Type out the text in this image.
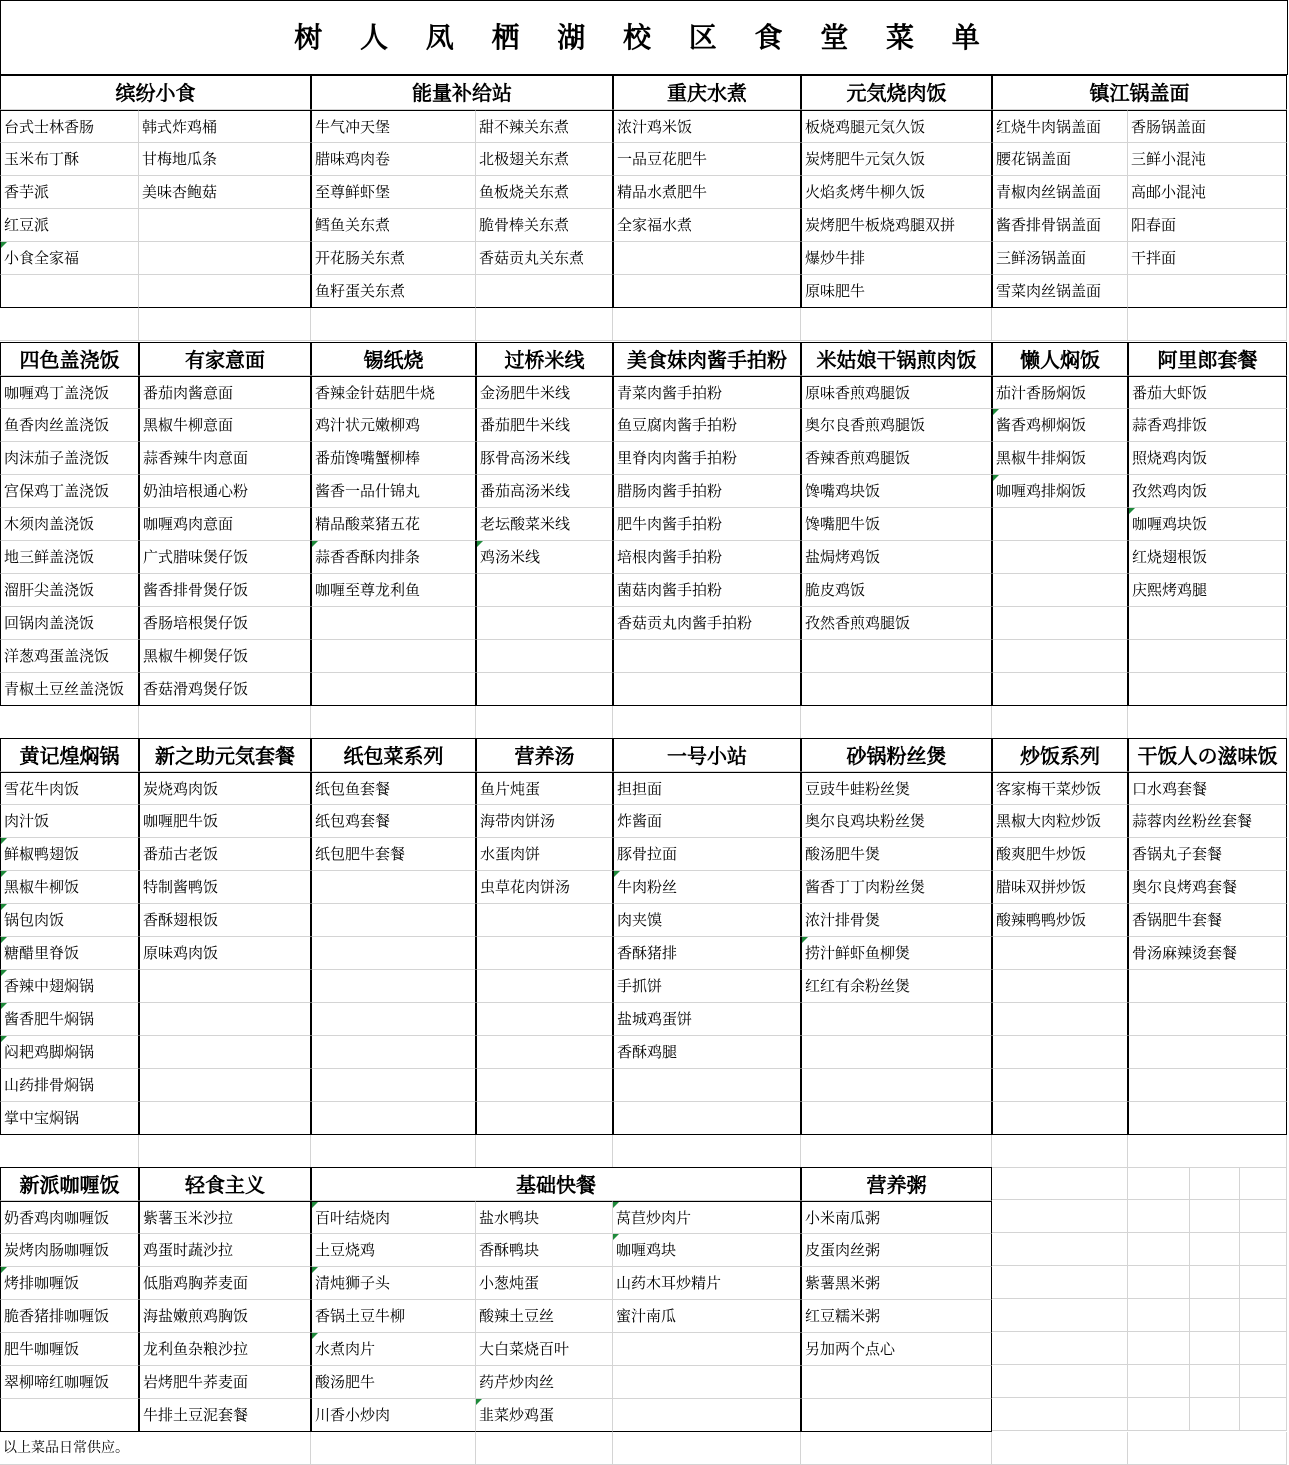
树 人 凤 栖 湖 校 区 食 堂 菜 单
缤纷小食
台式士林香肠
玉米布丁酥
香芋派
红豆派
小食全家福
韩式炸鸡桶
甘梅地瓜条
美味杏鲍菇
能量补给站
牛气冲天堡
腊味鸡肉卷
至尊鲜虾堡
鳕鱼关东煮
开花肠关东煮
鱼籽蛋关东煮
甜不辣关东煮
北极翅关东煮
鱼板烧关东煮
脆骨棒关东煮
香菇贡丸关东煮
重庆水煮
浓汁鸡米饭
一品豆花肥牛
精品水煮肥牛
全家福水煮
元気烧肉饭
板烧鸡腿元気久饭
炭烤肥牛元気久饭
火焰炙烤牛柳久饭
炭烤肥牛板烧鸡腿双拼
爆炒牛排
原味肥牛
镇江锅盖面
红烧牛肉锅盖面
腰花锅盖面
青椒肉丝锅盖面
酱香排骨锅盖面
三鲜汤锅盖面
雪菜肉丝锅盖面
香肠锅盖面
三鲜小混沌
高邮小混沌
阳春面
干拌面
四色盖浇饭
咖喱鸡丁盖浇饭
鱼香肉丝盖浇饭
肉沫茄子盖浇饭
宫保鸡丁盖浇饭
木须肉盖浇饭
地三鲜盖浇饭
溜肝尖盖浇饭
回锅肉盖浇饭
洋葱鸡蛋盖浇饭
青椒土豆丝盖浇饭
有家意面
番茄肉酱意面
黑椒牛柳意面
蒜香辣牛肉意面
奶油培根通心粉
咖喱鸡肉意面
广式腊味煲仔饭
酱香排骨煲仔饭
香肠培根煲仔饭
黑椒牛柳煲仔饭
香菇滑鸡煲仔饭
锡纸烧
香辣金针菇肥牛烧
鸡汁状元嫩柳鸡
番茄馋嘴蟹柳棒
酱香一品什锦丸
精品酸菜猪五花
蒜香香酥肉排条
咖喱至尊龙利鱼
过桥米线
金汤肥牛米线
番茄肥牛米线
豚骨高汤米线
番茄高汤米线
老坛酸菜米线
鸡汤米线
美食妹肉酱手拍粉
青菜肉酱手拍粉
鱼豆腐肉酱手拍粉
里脊肉肉酱手拍粉
腊肠肉酱手拍粉
肥牛肉酱手拍粉
培根肉酱手拍粉
菌菇肉酱手拍粉
香菇贡丸肉酱手拍粉
米姑娘干锅煎肉饭
原味香煎鸡腿饭
奥尔良香煎鸡腿饭
香辣香煎鸡腿饭
馋嘴鸡块饭
馋嘴肥牛饭
盐焗烤鸡饭
脆皮鸡饭
孜然香煎鸡腿饭
懒人焖饭
茄汁香肠焖饭
酱香鸡柳焖饭
黑椒牛排焖饭
咖喱鸡排焖饭
阿里郎套餐
番茄大虾饭
蒜香鸡排饭
照烧鸡肉饭
孜然鸡肉饭
咖喱鸡块饭
红烧翅根饭
庆熙烤鸡腿
黄记煌焖锅
雪花牛肉饭
肉汁饭
鲜椒鸭翅饭
黑椒牛柳饭
锅包肉饭
糖醋里脊饭
香辣中翅焖锅
酱香肥牛焖锅
闷耙鸡脚焖锅
山药排骨焖锅
掌中宝焖锅
新之助元気套餐
炭烧鸡肉饭
咖喱肥牛饭
番茄古老饭
特制酱鸭饭
香酥翅根饭
原味鸡肉饭
纸包菜系列
纸包鱼套餐
纸包鸡套餐
纸包肥牛套餐
营养汤
鱼片炖蛋
海带肉饼汤
水蛋肉饼
虫草花肉饼汤
一号小站
担担面
炸酱面
豚骨拉面
牛肉粉丝
肉夹馍
香酥猪排
手抓饼
盐城鸡蛋饼
香酥鸡腿
砂锅粉丝煲
豆豉牛蛙粉丝煲
奥尔良鸡块粉丝煲
酸汤肥牛煲
酱香丁丁肉粉丝煲
浓汁排骨煲
捞汁鲜虾鱼柳煲
红红有余粉丝煲
炒饭系列
客家梅干菜炒饭
黑椒大肉粒炒饭
酸爽肥牛炒饭
腊味双拼炒饭
酸辣鸭鸭炒饭
干饭人の滋味饭
口水鸡套餐
蒜蓉肉丝粉丝套餐
香锅丸子套餐
奥尔良烤鸡套餐
香锅肥牛套餐
骨汤麻辣烫套餐
新派咖喱饭
奶香鸡肉咖喱饭
炭烤肉肠咖喱饭
烤排咖喱饭
脆香猪排咖喱饭
肥牛咖喱饭
翠柳啼红咖喱饭
轻食主义
紫薯玉米沙拉
鸡蛋时蔬沙拉
低脂鸡胸荞麦面
海盐嫩煎鸡胸饭
龙利鱼杂粮沙拉
岩烤肥牛荞麦面
牛排土豆泥套餐
基础快餐
百叶结烧肉
土豆烧鸡
清炖狮子头
香锅土豆牛柳
水煮肉片
酸汤肥牛
川香小炒肉
盐水鸭块
香酥鸭块
小葱炖蛋
酸辣土豆丝
大白菜烧百叶
药芹炒肉丝
韭菜炒鸡蛋
莴苣炒肉片
咖喱鸡块
山药木耳炒精片
蜜汁南瓜
营养粥
小米南瓜粥
皮蛋肉丝粥
紫薯黑米粥
红豆糯米粥
另加两个点心
以上菜品日常供应。
